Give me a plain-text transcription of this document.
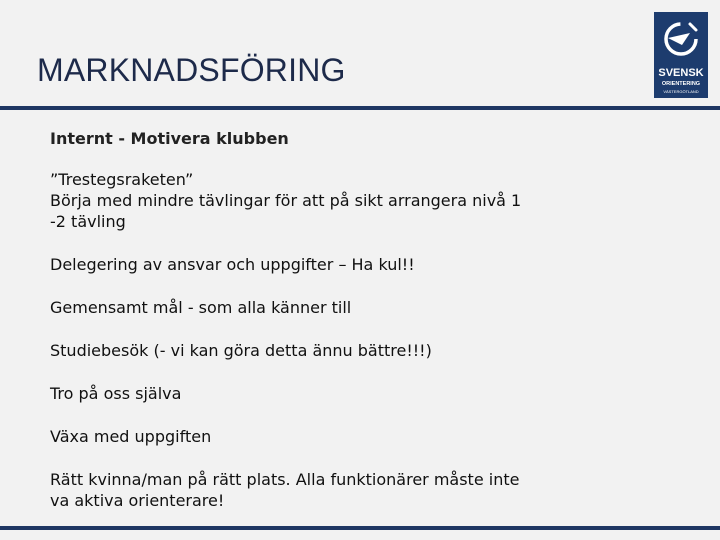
MARKNADSFÖRING	SVENSK
ORIENTERING
VÄSTERGÖTLAND

Internt - Motivera klubben

”Trestegsraketen”
Börja med mindre tävlingar för att på sikt arrangera nivå 1
-2 tävling

Delegering av ansvar och uppgifter – Ha kul!!

Gemensamt mål - som alla känner till

Studiebesök (- vi kan göra detta ännu bättre!!!)

Tro på oss själva

Växa med uppgiften

Rätt kvinna/man på rätt plats. Alla funktionärer måste inte
va aktiva orienterare!
